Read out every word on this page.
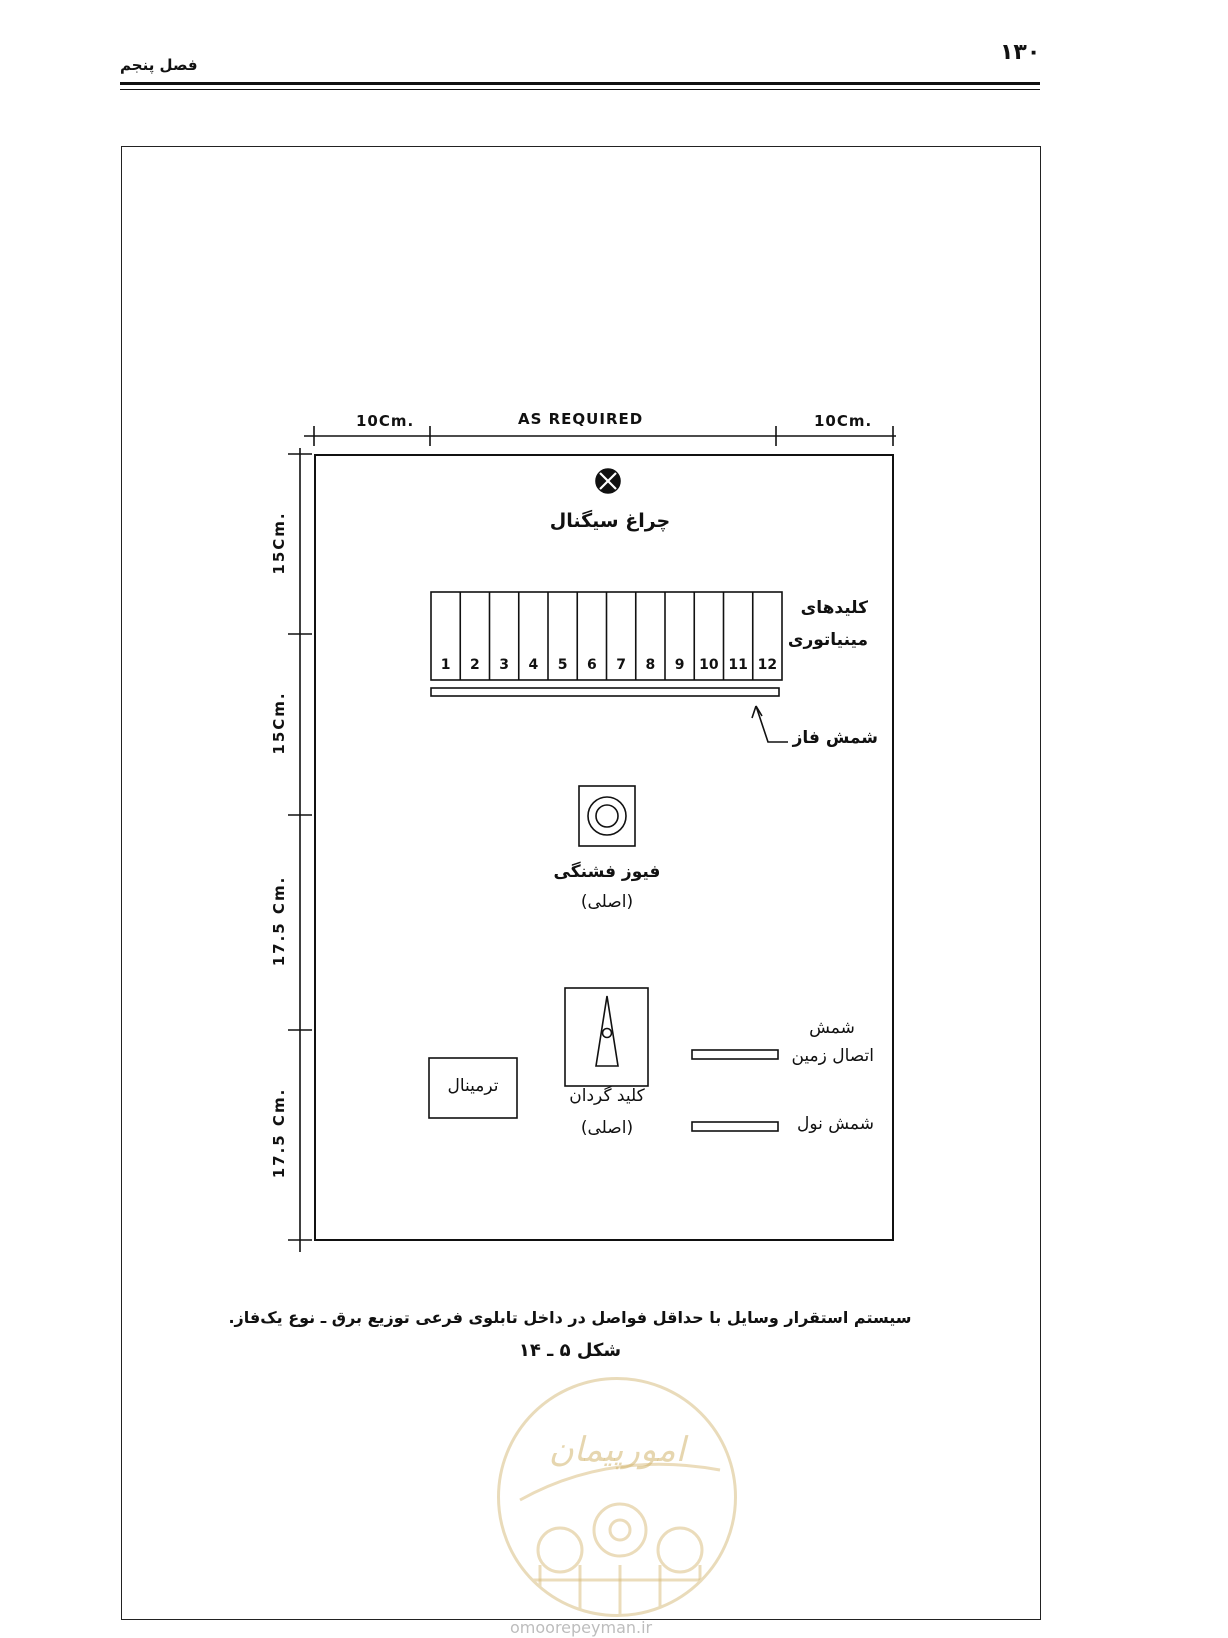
۱۳۰
فصل پنجم
1 2 3 4 5 6 7 8 9 10 11 12
10Cm.	AS REQUIRED	10Cm.
15Cm.
15Cm.
17.5 Cm.
17.5 Cm.
چراغ سیگنال
کلیدهای
مینیاتوری
شمش فاز
فیوز فشنگی
(اصلی)
کلید گردان
(اصلی)
ترمینال
شمش
اتصال زمین
شمش نول
سیستم استقرار وسایل با حداقل فواصل در داخل تابلوی فرعی توزیع برق ـ نوع یک‌فاز.
شکل ۵ ـ ۱۴
امورپیمان
omoorepeyman.ir
